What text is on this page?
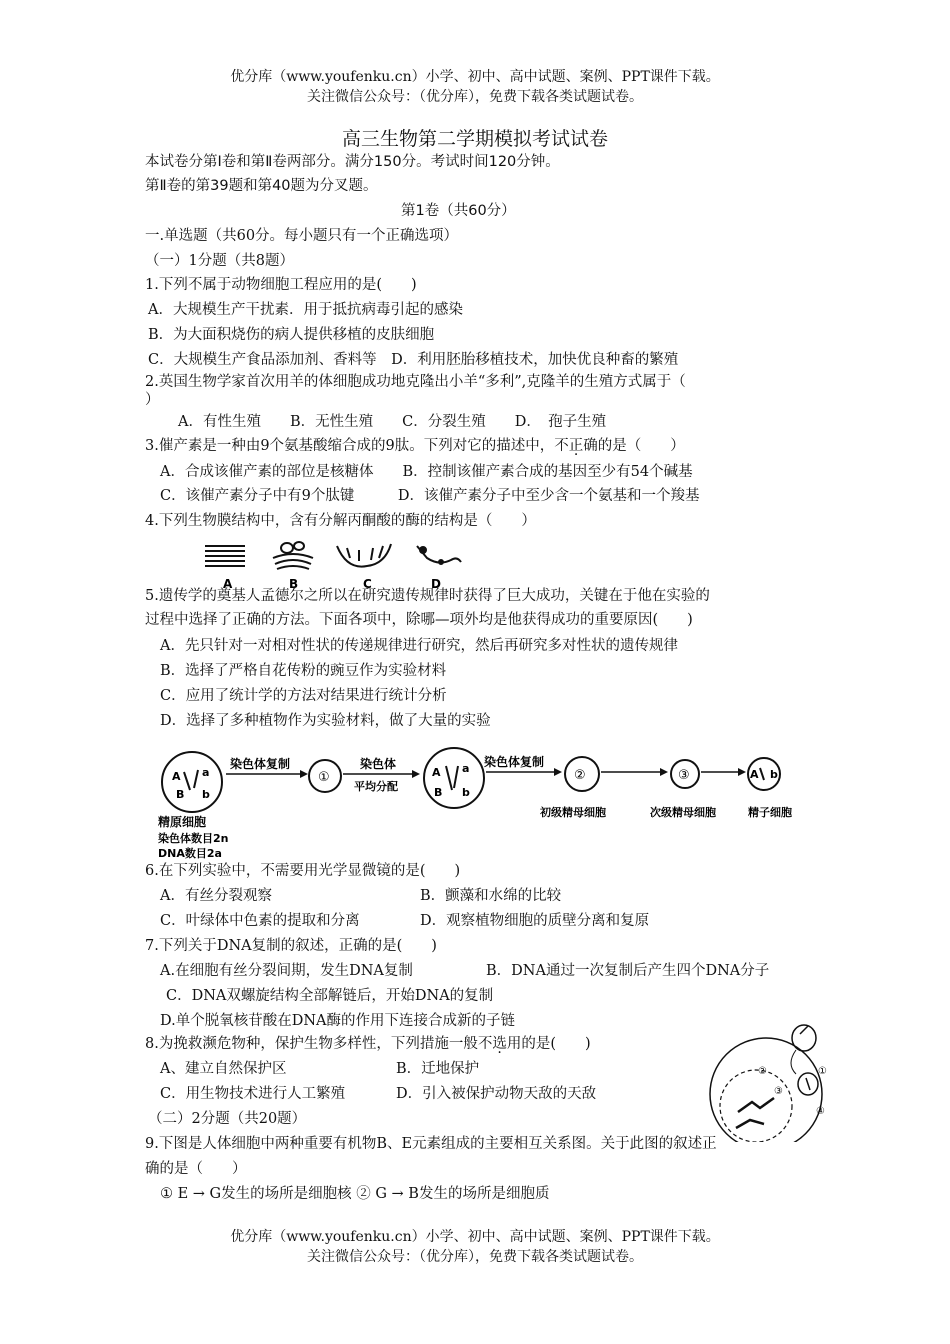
优分库（www.youfenku.cn）小学、初中、高中试题、案例、PPT课件下载。
关注微信公众号：（优分库），免费下载各类试题试卷。
高三生物第二学期模拟考试试卷
本试卷分第Ⅰ卷和第Ⅱ卷两部分。满分150分。考试时间120分钟。
第Ⅱ卷的第39题和第40题为分叉题。
第1卷（共60分）
一.单选题（共60分。每小题只有一个正确选项）
（一）1分题（共8题）
1.下列不属于动物细胞工程应用的是(　　)
A．大规模生产干扰素．用于抵抗病毒引起的感染
B．为大面积烧伤的病人提供移植的皮肤细胞
C．大规模生产食品添加剂、香料等　D．利用胚胎移植技术，加快优良种畜的繁殖
2.英国生物学家首次用羊的体细胞成功地克隆出小羊“多利”,克隆羊的生殖方式属于（
）
A．有性生殖　　B．无性生殖　　C．分裂生殖　　D．　孢子生殖
3.催产素是一种由9个氨基酸缩合成的9肽。下列对它的描述中，不正确的是（　　）
A．合成该催产素的部位是核糖体　　B．控制该催产素合成的基因至少有54个碱基
C．该催产素分子中有9个肽键　　　D．该催产素分子中至少含一个氨基和一个羧基
4.下列生物膜结构中，含有分解丙酮酸的酶的结构是（　　）
A	B	C	D
5.遗传学的奠基人孟德尔之所以在研究遗传规律时获得了巨大成功，关键在于他在实验的
过程中选择了正确的方法。下面各项中，除哪—项外均是他获得成功的重要原因(　　)
A．先只针对一对相对性状的传递规律进行研究，然后再研究多对性状的遗传规律
B．选择了严格自花传粉的豌豆作为实验材料
C．应用了统计学的方法对结果进行统计分析
D．选择了多种植物作为实验材料，做了大量的实验
A a
B b
染色体复制
①
染色体
平均分配
A a
B b
染色体复制
②	③	A b
精原细胞
染色体数目2n
DNA数目2a
初级精母细胞	次级精母细胞	精子细胞
6.在下列实验中，不需要用光学显微镜的是(　　)
A．有丝分裂观察	B．颤藻和水绵的比较
C．叶绿体中色素的提取和分离	D．观察植物细胞的质壁分离和复原
7.下列关于DNA复制的叙述，正确的是(　　)
A.在细胞有丝分裂间期，发生DNA复制	B．DNA通过一次复制后产生四个DNA分子
C．DNA双螺旋结构全部解链后，开始DNA的复制
D.单个脱氧核苷酸在DNA酶的作用下连接合成新的子链
8.为挽救濒危物种，保护生物多样性，下列措施一般不选用的是(　　)
A、建立自然保护区	B．迁地保护
C．用生物技术进行人工繁殖	D．引入被保护动物天敌的天敌
①
②
③
④
（二）2分题（共20题）
9.下图是人体细胞中两种重要有机物B、E元素组成的主要相互关系图。关于此图的叙述正
确的是（　　）
① E → G发生的场所是细胞核 ② G → B发生的场所是细胞质
优分库（www.youfenku.cn）小学、初中、高中试题、案例、PPT课件下载。
关注微信公众号：（优分库），免费下载各类试题试卷。
